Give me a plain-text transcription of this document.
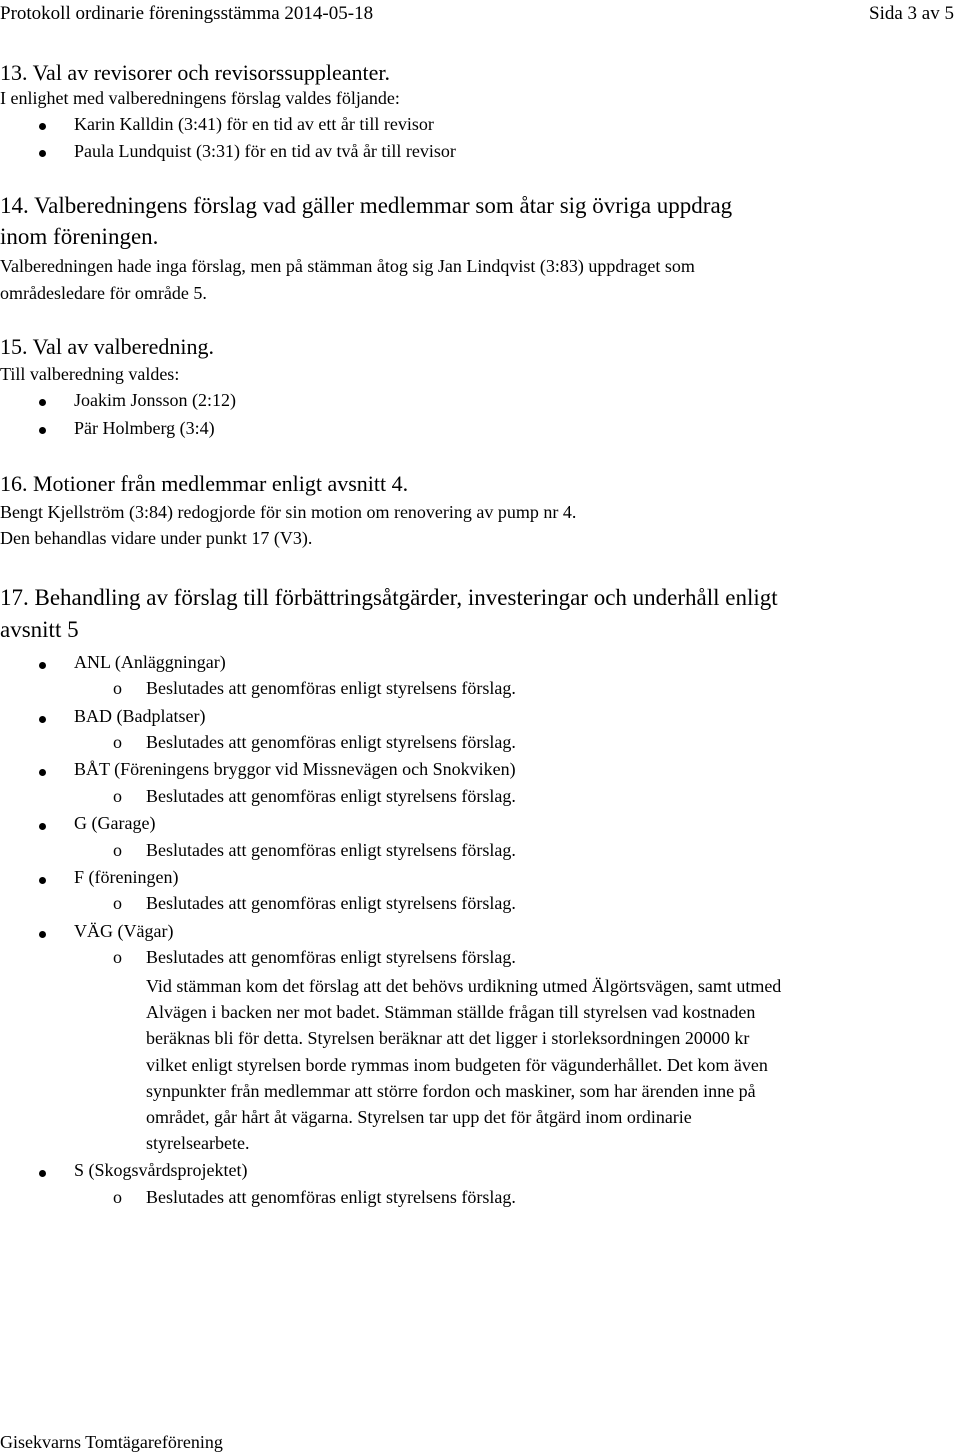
Protokoll ordinarie föreningsstämma 2014-05-18	Sida 3 av 5
13. Val av revisorer och revisorssuppleanter.
I enlighet med valberedningens förslag valdes följande:
Karin Kalldin (3:41) för en tid av ett år till revisor
Paula Lundquist (3:31) för en tid av två år till revisor
14. Valberedningens förslag vad gäller medlemmar som åtar sig övriga uppdrag
inom föreningen.
Valberedningen hade inga förslag, men på stämman åtog sig Jan Lindqvist (3:83) uppdraget som
områdesledare för område 5.
15. Val av valberedning.
Till valberedning valdes:
Joakim Jonsson (2:12)
Pär Holmberg (3:4)
16. Motioner från medlemmar enligt avsnitt 4.
Bengt Kjellström (3:84) redogjorde för sin motion om renovering av pump nr 4.
Den behandlas vidare under punkt 17 (V3).
17. Behandling av förslag till förbättringsåtgärder, investeringar och underhåll enligt
avsnitt 5
ANL (Anläggningar)
o Beslutades att genomföras enligt styrelsens förslag.
BAD (Badplatser)
o Beslutades att genomföras enligt styrelsens förslag.
BÅT (Föreningens bryggor vid Missnevägen och Snokviken)
o Beslutades att genomföras enligt styrelsens förslag.
G (Garage)
o Beslutades att genomföras enligt styrelsens förslag.
F (föreningen)
o Beslutades att genomföras enligt styrelsens förslag.
VÄG (Vägar)
o Beslutades att genomföras enligt styrelsens förslag.
Vid stämman kom det förslag att det behövs urdikning utmed Älgörtsvägen, samt utmed
Alvägen i backen ner mot badet. Stämman ställde frågan till styrelsen vad kostnaden
beräknas bli för detta. Styrelsen beräknar att det ligger i storleksordningen 20000 kr
vilket enligt styrelsen borde rymmas inom budgeten för vägunderhållet. Det kom även
synpunkter från medlemmar att större fordon och maskiner, som har ärenden inne på
området, går hårt åt vägarna. Styrelsen tar upp det för åtgärd inom ordinarie
styrelsearbete.
S (Skogsvårdsprojektet)
o Beslutades att genomföras enligt styrelsens förslag.
Gisekvarns Tomtägareförening
